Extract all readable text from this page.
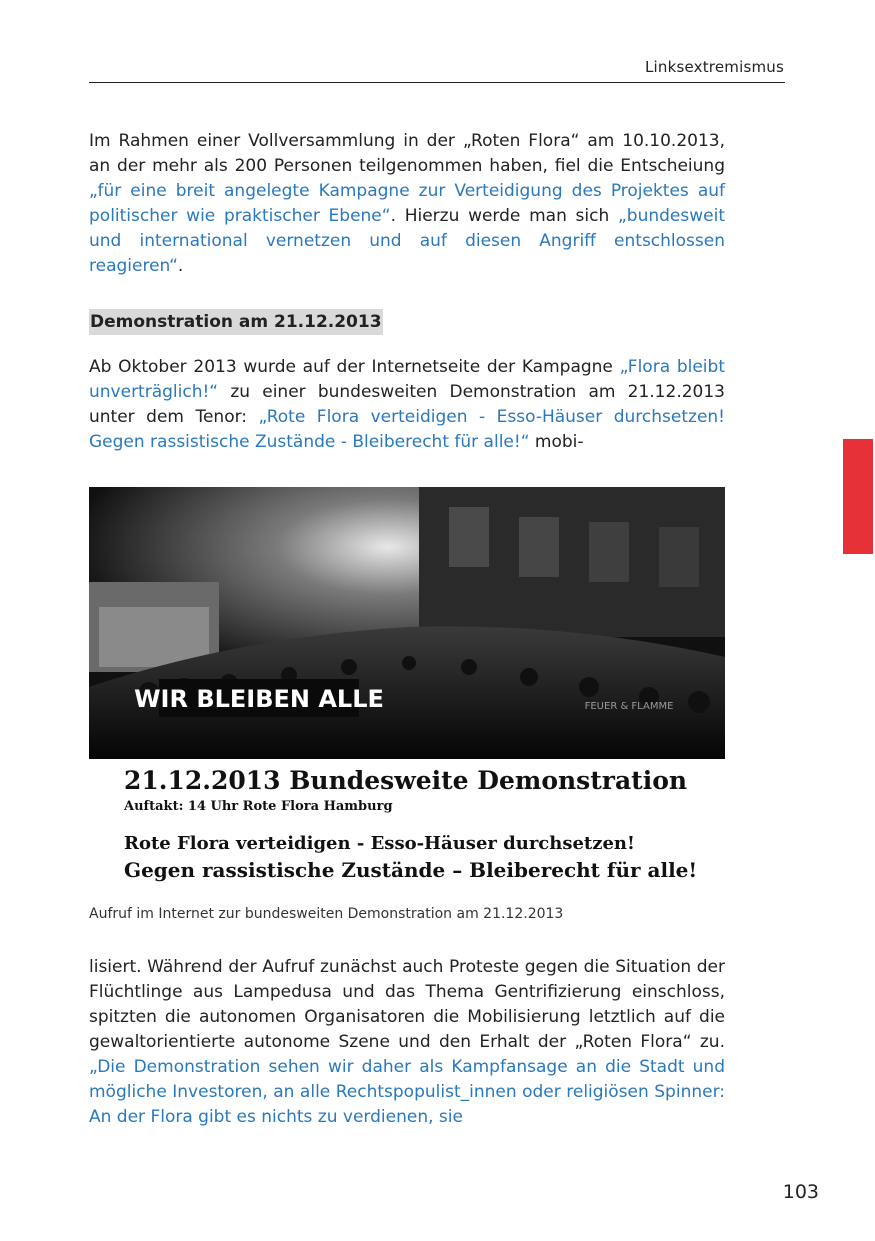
Linksextremismus

Im Rahmen einer Vollversammlung in der „Roten Flora“ am 10.10.2013, an der mehr als 200 Personen teilgenommen haben, fiel die Entscheiung „für eine breit angelegte Kampagne zur Verteidigung des Projektes auf politischer wie praktischer Ebene“. Hierzu werde man sich „bundesweit und international vernetzen und auf diesen Angriff entschlossen reagieren“.

Demonstration am 21.12.2013

Ab Oktober 2013 wurde auf der Internetseite der Kampagne „Flora bleibt unverträglich!“ zu einer bundesweiten Demonstration am 21.12.2013 unter dem Tenor: „Rote Flora verteidigen - Esso-Häuser durchsetzen! Gegen rassistische Zustände - Bleiberecht für alle!“ mobi-

WIR BLEIBEN ALLE	FEUER & FLAMME
21.12.2013 Bundesweite Demonstration
Auftakt: 14 Uhr Rote Flora Hamburg
Rote Flora verteidigen - Esso-Häuser durchsetzen!
Gegen rassistische Zustände – Bleiberecht für alle!
Aufruf im Internet zur bundesweiten Demonstration am 21.12.2013

lisiert. Während der Aufruf zunächst auch Proteste gegen die Situation der Flüchtlinge aus Lampedusa und das Thema Gentrifizierung einschloss, spitzten die autonomen Organisatoren die Mobilisierung letztlich auf die gewaltorientierte autonome Szene und den Erhalt der „Roten Flora“ zu. „Die Demonstration sehen wir daher als Kampfansage an die Stadt und mögliche Investoren, an alle Rechtspopulist_innen oder religiösen Spinner: An der Flora gibt es nichts zu verdienen, sie

103
